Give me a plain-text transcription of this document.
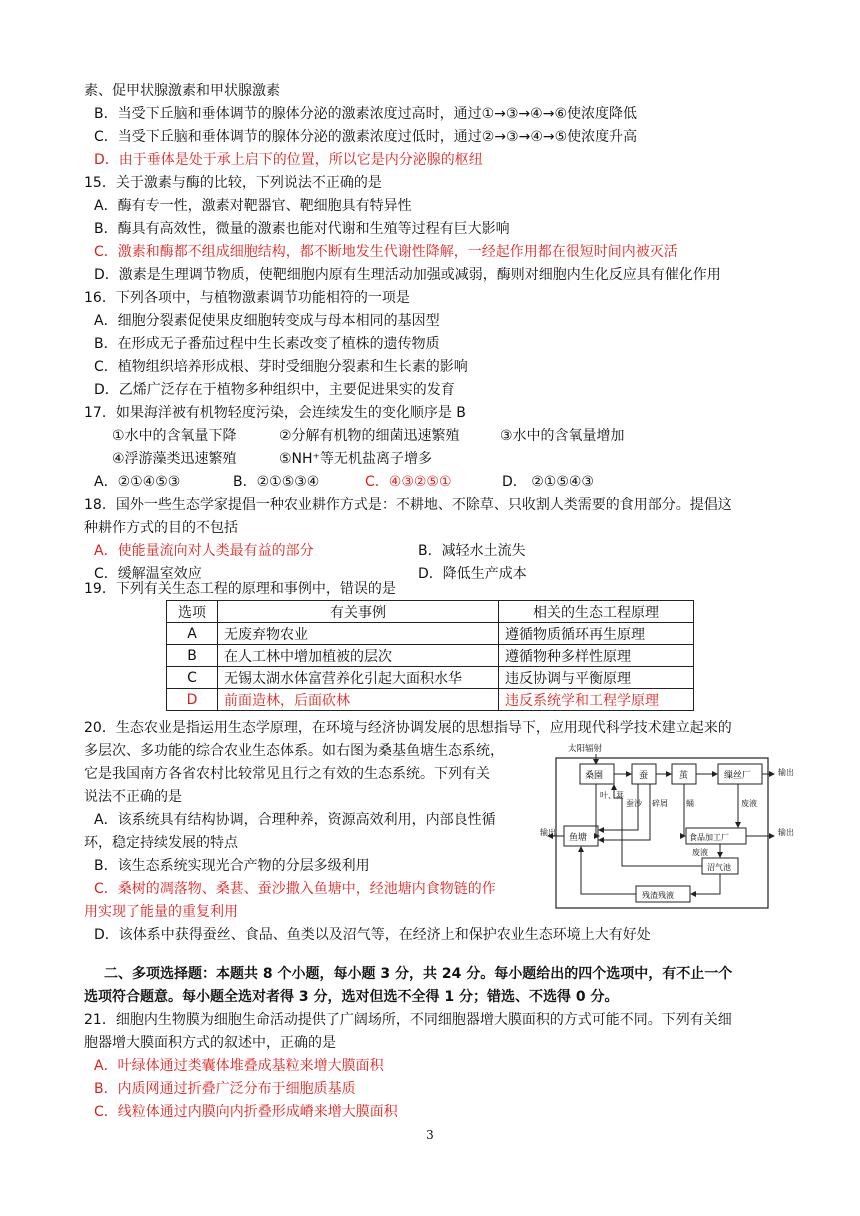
素、促甲状腺激素和甲状腺激素
B．当受下丘脑和垂体调节的腺体分泌的激素浓度过高时，通过①→③→④→⑥使浓度降低
C．当受下丘脑和垂体调节的腺体分泌的激素浓度过低时，通过②→③→④→⑤使浓度升高
D．由于垂体是处于承上启下的位置，所以它是内分泌腺的枢纽
15．关于激素与酶的比较，下列说法不正确的是
A．酶有专一性，激素对靶器官、靶细胞具有特异性
B．酶具有高效性，微量的激素也能对代谢和生殖等过程有巨大影响
C．激素和酶都不组成细胞结构，都不断地发生代谢性降解，一经起作用都在很短时间内被灭活
D．激素是生理调节物质，使靶细胞内原有生理活动加强或减弱，酶则对细胞内生化反应具有催化作用
16．下列各项中，与植物激素调节功能相符的一项是
A．细胞分裂素促使果皮细胞转变成与母本相同的基因型
B．在形成无子番茄过程中生长素改变了植株的遗传物质
C．植物组织培养形成根、芽时受细胞分裂素和生长素的影响
D．乙烯广泛存在于植物多种组织中，主要促进果实的发育
17．如果海洋被有机物轻度污染，会连续发生的变化顺序是 B
①水中的含氧量下降	②分解有机物的细菌迅速繁殖	③水中的含氧量增加
④浮游藻类迅速繁殖	⑤NH⁺等无机盐离子增多
A．②①④⑤③	B．②①⑤③④	C．④③②⑤①	D． ②①⑤④③
18．国外一些生态学家提倡一种农业耕作方式是：不耕地、不除草、只收割人类需要的食用部分。提倡这
种耕作方式的目的不包括
A．使能量流向对人类最有益的部分	B．减轻水土流失
C．缓解温室效应	D．降低生产成本
19．下列有关生态工程的原理和事例中，错误的是
选项	有关事例	相关的生态工程原理
A	无废弃物农业	遵循物质循环再生原理
B	在人工林中增加植被的层次	遵循物种多样性原理
C	无锡太湖水体富营养化引起大面积水华	违反协调与平衡原理
D	前面造林，后面砍林	违反系统学和工程学原理
20．生态农业是指运用生态学原理，在环境与经济协调发展的思想指导下，应用现代科学技术建立起来的
多层次、多功能的综合农业生态体系。如右图为桑基鱼塘生态系统，
它是我国南方各省农村比较常见且行之有效的生态系统。下列有关
说法不正确的是
A．该系统具有结构协调，合理种养，资源高效利用，内部良性循
环，稳定持续发展的特点
B．该生态系统实现光合产物的分层多级利用
C．桑树的凋落物、桑葚、蚕沙撒入鱼塘中，经池塘内食物链的作
用实现了能量的重复利用
D．该体系中获得蚕丝、食品、鱼类以及沼气等，在经济上和保护农业生态环境上大有好处
太阳辐射
输出	输出
输出
桑園	蚕	茧	缫丝厂
鱼塘	食品加工厂
沼气池
残渣残液
叶、葚
蚕沙 碎屑 蛹	废液
废液
二、多项选择题：本题共 8 个小题，每小题 3 分，共 24 分。每小题给出的四个选项中，有不止一个
选项符合题意。每小题全选对者得 3 分，选对但选不全得 1 分；错选、不选得 0 分。
21．细胞内生物膜为细胞生命活动提供了广阔场所，不同细胞器增大膜面积的方式可能不同。下列有关细
胞器增大膜面积方式的叙述中，正确的是
A．叶绿体通过类囊体堆叠成基粒来增大膜面积
B．内质网通过折叠广泛分布于细胞质基质
C．线粒体通过内膜向内折叠形成嵴来增大膜面积
3
